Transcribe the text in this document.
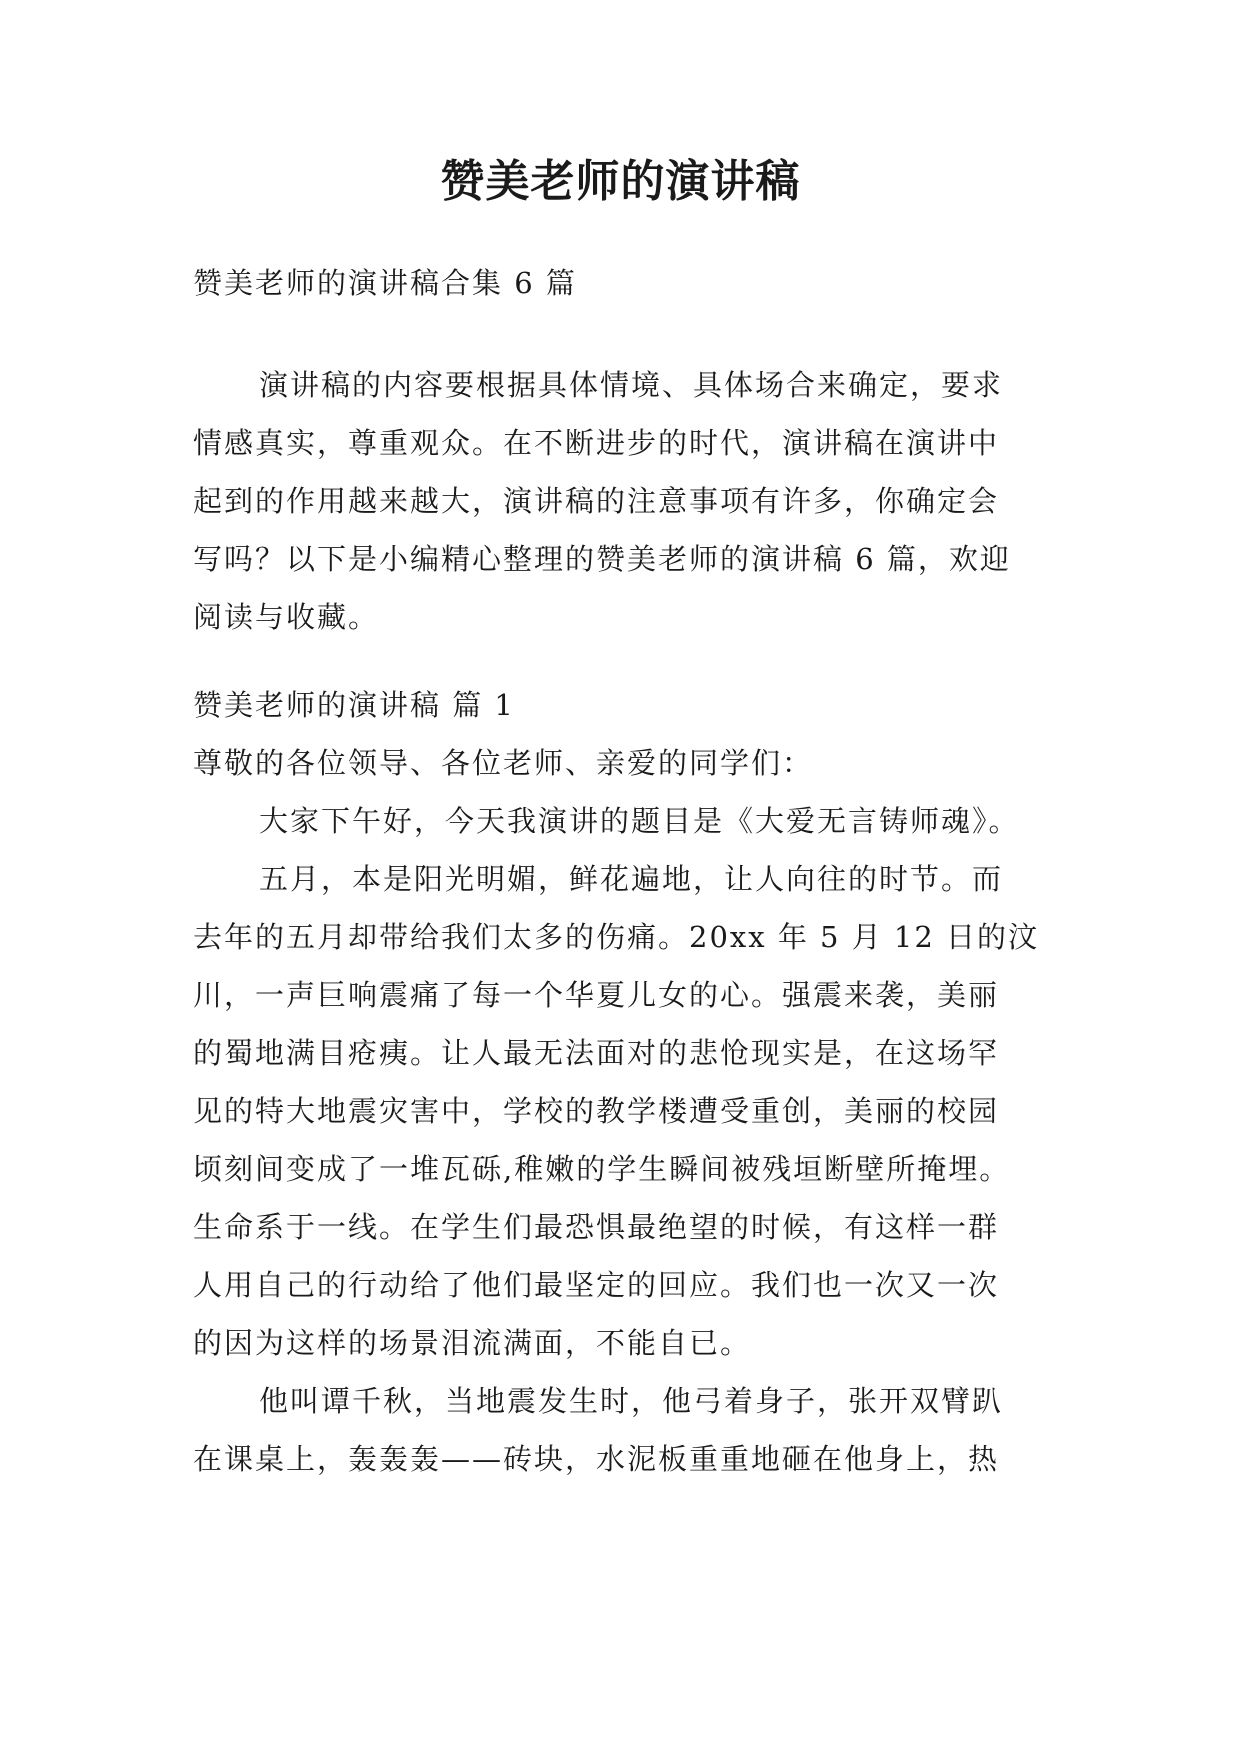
赞美老师的演讲稿

赞美老师的演讲稿合集 6 篇

演讲稿的内容要根据具体情境、具体场合来确定，要求
情感真实，尊重观众。在不断进步的时代，演讲稿在演讲中
起到的作用越来越大，演讲稿的注意事项有许多，你确定会
写吗？以下是小编精心整理的赞美老师的演讲稿 6 篇，欢迎
阅读与收藏。

赞美老师的演讲稿 篇 1

尊敬的各位领导、各位老师、亲爱的同学们：

大家下午好，今天我演讲的题目是《大爱无言铸师魂》。
五月，本是阳光明媚，鲜花遍地，让人向往的时节。而
去年的五月却带给我们太多的伤痛。20xx 年 5 月 12 日的汶
川，一声巨响震痛了每一个华夏儿女的心。强震来袭，美丽
的蜀地满目疮痍。让人最无法面对的悲怆现实是，在这场罕
见的特大地震灾害中，学校的教学楼遭受重创，美丽的校园
顷刻间变成了一堆瓦砾,稚嫩的学生瞬间被残垣断壁所掩埋。
生命系于一线。在学生们最恐惧最绝望的时候，有这样一群
人用自己的行动给了他们最坚定的回应。我们也一次又一次
的因为这样的场景泪流满面，不能自已。
他叫谭千秋，当地震发生时，他弓着身子，张开双臂趴
在课桌上，轰轰轰——砖块，水泥板重重地砸在他身上，热
